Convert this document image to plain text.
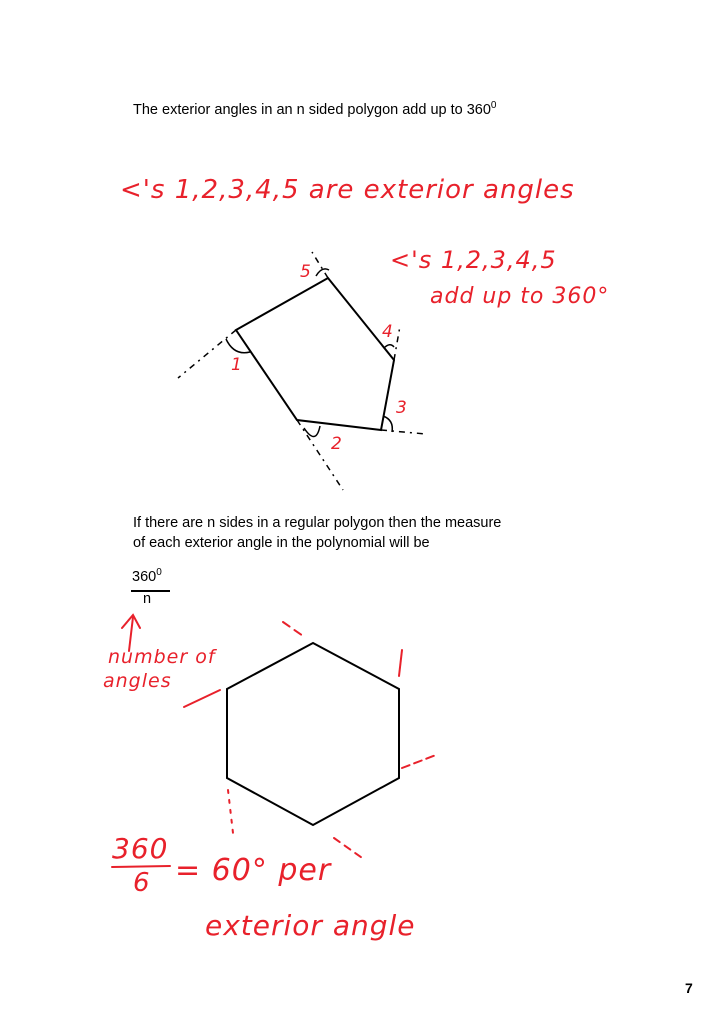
The exterior angles in an n sided polygon add up to $360^0$
If there are n sides in a regular polygon then the measure
of each exterior angle in the polynomial will be
$360^0$
n
<'s 1,2,3,4,5 are exterior angles
<'s 1,2,3,4,5
add up to 360°
1
2
3
4
5
number of
angles
360
6 = 60° per
exterior angle
7
